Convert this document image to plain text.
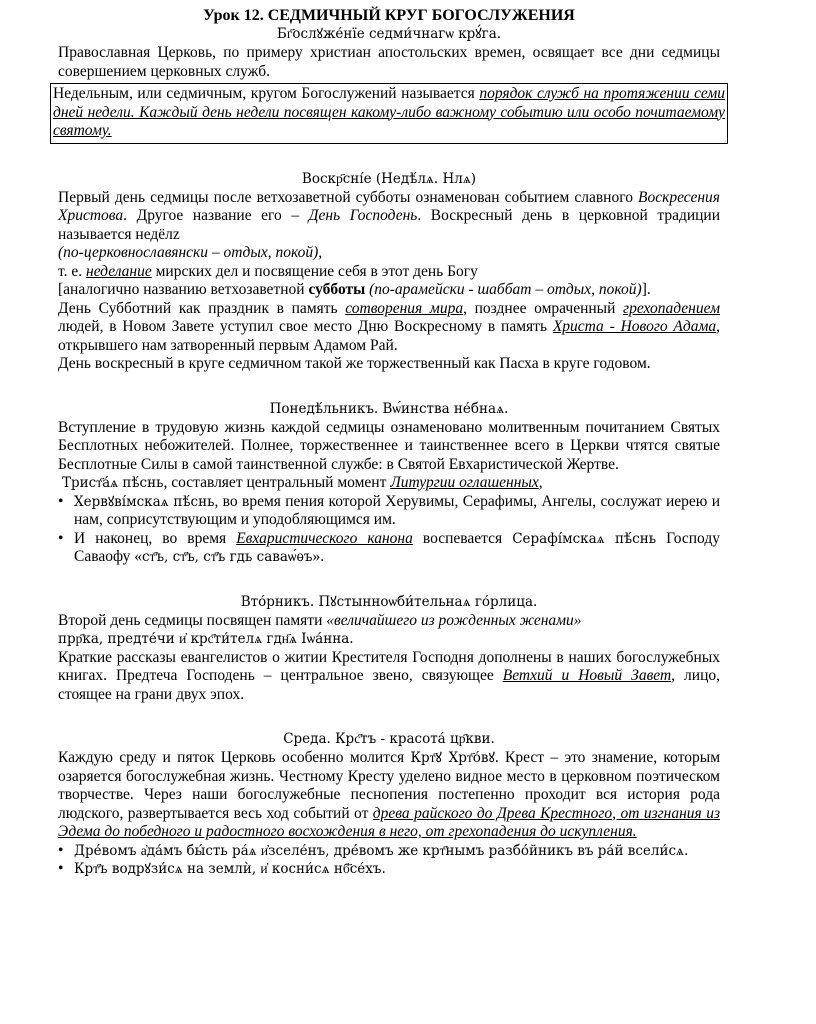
Урок 12. СЕДМИЧНЫЙ КРУГ БОГОСЛУЖЕНИЯ
Бг҃ослꙋже́нїе седми́чнагѡ крꙋ́га.

Православная Церковь, по примеру христиан апостольских времен, освящает все дни седмицы совершением церковных служб.

Недельным, или седмичным, кругом Богослужений называется порядок служб на протяжении семи дней недели. Каждый день недели посвящен какому-либо важному событию или особо почитаемому святому.
Воскр҃сні́е (Недѣ́лѧ. Нлѧ)

Первый день седмицы после ветхозаветной субботы ознаменован событием славного Воскресения Христова. Другое название его – День Господень. Воскресный день в церковной традиции называется недёлz

(по-церковнославянски – отдых, покой),

т. е. неделание мирских дел и посвящение себя в этот день Богу

[аналогично названию ветхозаветной субботы (по-арамейски - шаббат – отдых, покой)].

День Субботний как праздник в память сотворения мира, позднее омраченный грехопадением людей, в Новом Завете уступил свое место Дню Воскресному в память Христа - Нового Адама, открывшего нам затворенный первым Адамом Рай.

День воскресный в круге седмичном такой же торжественный как Пасха в круге годовом.

Понедѣ́льникъ. Вѡ́инства не́бнаѧ.

Вступление в трудовую жизнь каждой седмицы ознаменовано молитвенным почитанием Святых Бесплотных небожителей. Полнее, торжественнее и таинственнее всего в Церкви чтятся святые Бесплотные Силы в самой таинственной службе: в Святой Евхаристической Жертве.

Трист҃а́ѧ пѣ́снь, составляет центральный момент Литургии оглашенных,

• Хервꙋві́мскаѧ пѣ́снь, во время пения которой Херувимы, Серафимы, Ангелы, сослужат иерею и нам, соприсутствующим и уподобляющимся им.
• И наконец, во время Евхаристического канона воспевается Серафі́мскаѧ пѣ́снь Господу Саваофу «ст҃ъ, ст҃ъ, ст҃ъ гдь саваѡ́ѳъ».
Вто́рникъ. Пꙋстынноѡби́тельнаѧ го́рлица.

Второй день седмицы посвящен памяти «величайшего из рожденных женами»

прр҃ка, предте́чи и҆ крс҃ти́телѧ гдн҃ѧ Іѡа́нна.

Краткие рассказы евангелистов о житии Крестителя Господня дополнены в наших богослужебных книгах. Предтеча Господень – центральное звено, связующее Ветхий и Новый Завет, лицо, стоящее на грани двух эпох.

Среда. Крс҃тъ - красота́ цр҃кви.

Каждую среду и пяток Церковь особенно молится Крт҃ꙋ Хрт҃о́вꙋ. Крест – это знамение, которым озаряется богослужебная жизнь. Честному Кресту уделено видное место в церковном поэтическом творчестве. Через наши богослужебные песнопения постепенно проходит вся история рода людского, развертывается весь ход событий от древа райского до Древа Крестного, от изгнания из Эдема до победного и радостного восхождения в него, от грехопадения до искупления.

• Дре́вомъ а҆да́мъ бы́сть ра́ѧ и҆зселе́нъ, дре́вомъ же крт҃нымъ разбо́йникъ въ ра́й всели́сѧ.
• Крт҃ъ водрꙋзи́сѧ на землѝ, и҆ косни́сѧ нб҃се́хъ.
